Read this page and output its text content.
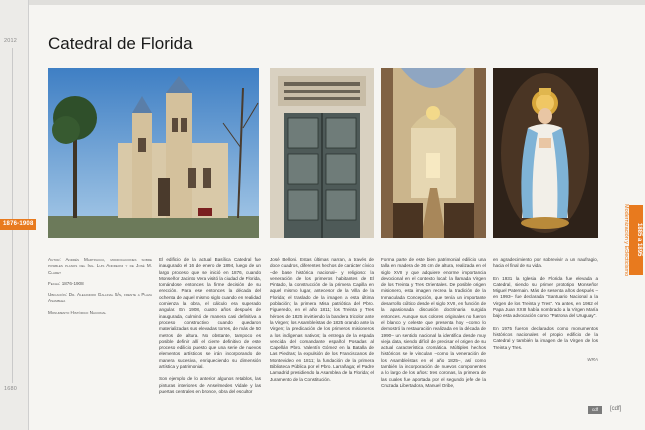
2012
1680
1876-1908
Catedral de Florida
Autor: Andrés Martinucci, modificaciones sobre posibles planos del Ing. Luis Andreoni y de José M. Claret
Fecha: 1876-1908
Ubicación: Dr. Alejandro Gallinal 5/n, frente a Plaza Asamblea
Monumento Histórico Nacional

El edificio de la actual Basílica Catedral fue inaugurado el 16 de enero de 1894, luego de un largo proceso que se inició en 1876, cuando Monseñor Jacinto Vera visitó la ciudad de Florida, tomándose entonces la firme decisión de su erección. Para ese entonces la década del ochenta de aquel mismo siglo cuando en realidad comienza la obra, el cálculo era superado angular. En 1908, cuatro años después de inaugurada, culminó de manera casi definitiva a proceso constructivo cuando quedaron materializadas sus elevadas torres, de más de 50 metros de altura. No obstante, tampoco es posible definir allí el cierre definitivo de este proceso edilicio puesto que una serie de nuevos elementos artísticos se irán incorporando de manera sucesiva, enriqueciendo su dimensión artística y patrimonial.

Son ejemplo de lo anterior algunos retablos, las pinturas interiores de Anselmedes Vidale y las puertas centrales en bronce, obra del escultor

José Belloni. Estas últimas narran, a través de doce cuadros, diferentes hechos de carácter cívico –de base histórica nacional– y religioso: la veneración de los primeros habitantes de El Pintado, la construcción de la primera Capilla en aquel mismo lugar, antecesor de la Villa de la Florida; el traslado de la imagen a esta última población; la primera Misa patriótica del Pbro. Figueredo, en el año 1811; los Treinta y Tres héroes de 1825 invirtiendo la bandera tricolor ante la Virgen; los Asambleístas de 1825 orando ante la Virgen; la predicación de los primeros misioneros a los indígenas nativos; la entrega de la espada vencida del comandante español Posadas al Capellán Pbro. Valentín Gómez en la Batalla de Las Piedras; la expulsión de los Franciscanos de Montevideo en 1811; la fundación de la primera Biblioteca Pública por el Pbro. Larrañaga; el Padre Lamadrid presidiendo la Asamblea de la Florida; el Juramento de la Constitución.

Forma parte de este bien patrimonial edilicio una talla en madera de 36 cm de altura, realizada en el siglo XVII y que adquiere enorme importancia devocional en el contexto local: la llamada Virgen de los Treinta y Tres Orientales. De posible origen misionero, esta imagen recrea la tradición de la Inmaculada Concepción, que tenía un importante desarrollo cúltico desde el siglo XVII, en función de la apasionada discusión doctrinaria surgida entonces. Aunque sus colores originales no fueron el blanco y celeste que presenta hoy –como lo demostró la restauración realizada en la década de 1990– un sentido nacional la identifica desde muy vieja data, siendo difícil de precisar el origen de su actual característica cromática. Múltiples hechos históricos se le vinculan –como la veneración de los Asambleístas en el año 1825–, así como también la incorporación de nuevos componentes a lo largo de los años: tres coronas, la primera de las cuales fue aportada por el segundo jefe de la Cruzada Libertadora, Manuel Oribe,

en agradecimiento por sobrevivir a un naufragio, hacia el final de su vida.

En 1931 la Iglesia de Florida fue elevada a Catedral, siendo su primer prototipo Monseñor Miguel Paternain. Más de sesenta años después –en 1993– fue declarada "Santuario Nacional a la Virgen de los Treinta y Tres". Ya antes, en 1962 el Papa Juan XXIII había nombrado a la Virgen María bajo esta advocación como "Patrona del Uruguay".

En 1975 fueron declarados como monumentos históricos nacionales el propio edificio de la Catedral y también la imagen de la Virgen de los Treinta y Tres.

WRA

Modernización y Eclecticismo	1885 a 1895
cdf	[cdf]
